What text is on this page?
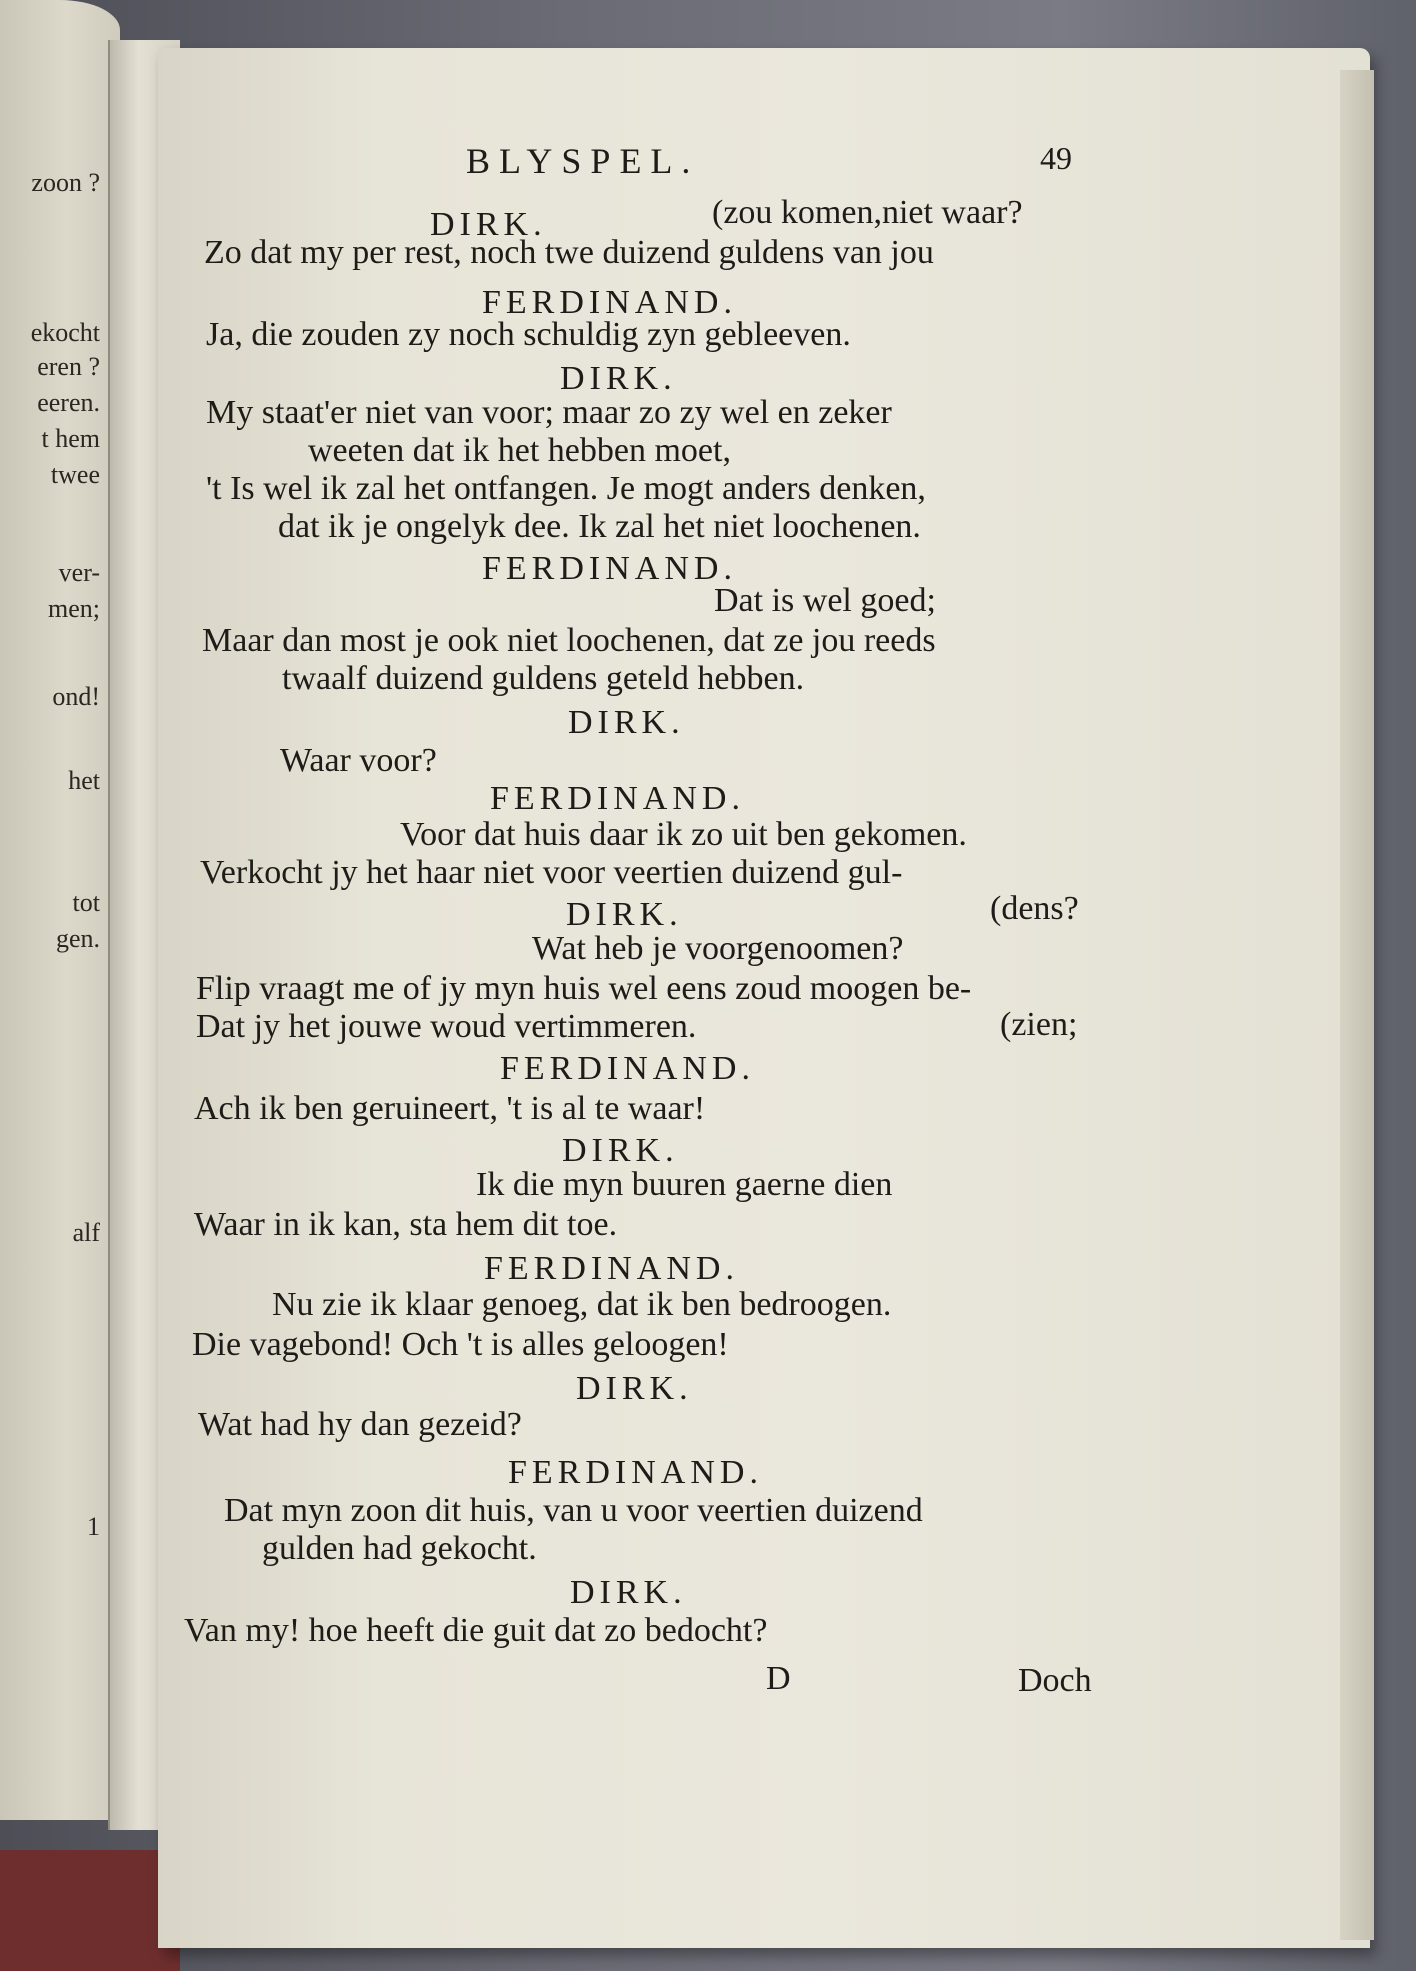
zoon ?
ekocht
eren ?
eeren.
t hem
twee
ver-
men;
ond!
het
tot
gen.
alf
1
BLYSPEL.	49
DIRK.	(zou komen,niet waar?
Zo dat my per rest, noch twe duizend guldens van jou
FERDINAND.
Ja, die zouden zy noch schuldig zyn gebleeven.
DIRK.
My staat'er niet van voor; maar zo zy wel en zeker
weeten dat ik het hebben moet,
't Is wel ik zal het ontfangen. Je mogt anders denken,
dat ik je ongelyk dee. Ik zal het niet loochenen.
FERDINAND.
Dat is wel goed;
Maar dan most je ook niet loochenen, dat ze jou reeds
twaalf duizend guldens geteld hebben.
DIRK.
Waar voor?
FERDINAND.
Voor dat huis daar ik zo uit ben gekomen.
Verkocht jy het haar niet voor veertien duizend gul-
DIRK.	(dens?
Wat heb je voorgenoomen?
Flip vraagt me of jy myn huis wel eens zoud moogen be-
Dat jy het jouwe woud vertimmeren.	(zien;
FERDINAND.
Ach ik ben geruineert, 't is al te waar!
DIRK.
Ik die myn buuren gaerne dien
Waar in ik kan, sta hem dit toe.
FERDINAND.
Nu zie ik klaar genoeg, dat ik ben bedroogen.
Die vagebond! Och 't is alles geloogen!
DIRK.
Wat had hy dan gezeid?
FERDINAND.
Dat myn zoon dit huis, van u voor veertien duizend
gulden had gekocht.
DIRK.
Van my! hoe heeft die guit dat zo bedocht?
D	Doch
